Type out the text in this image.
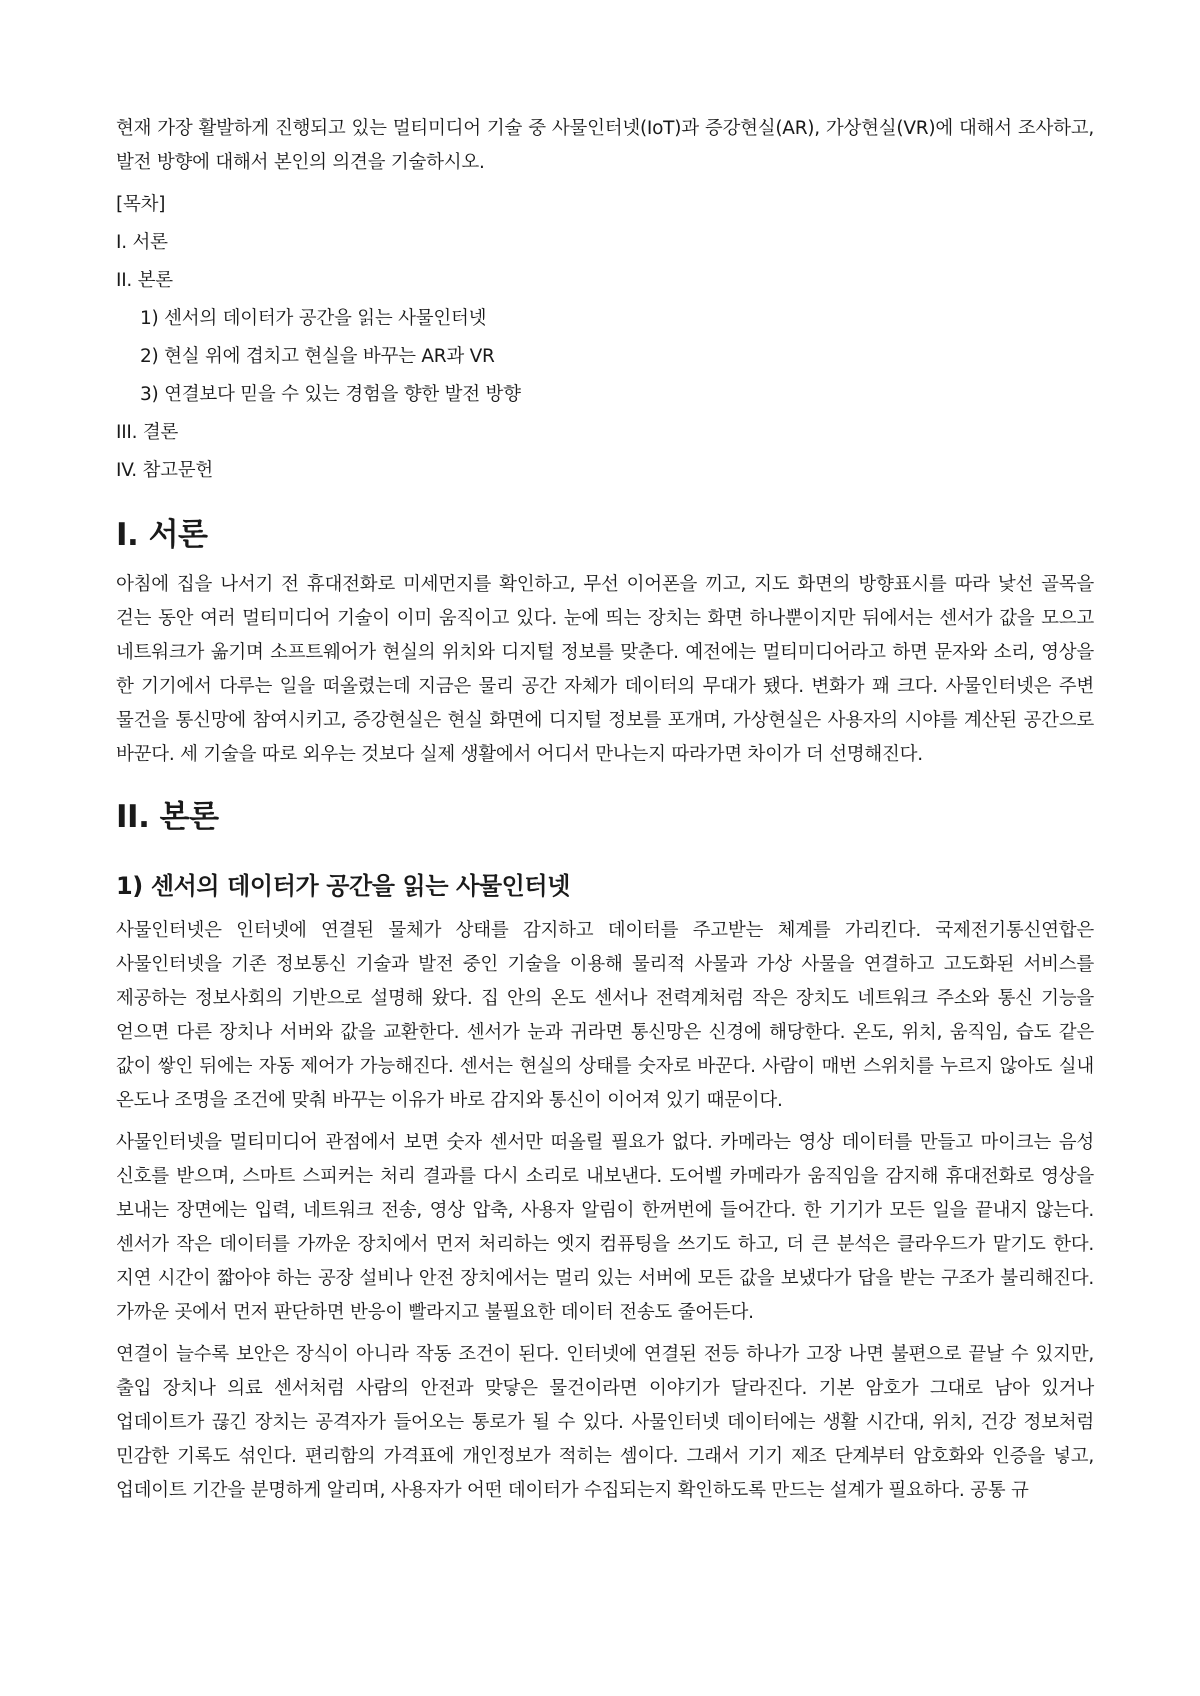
현재 가장 활발하게 진행되고 있는 멀티미디어 기술 중 사물인터넷(IoT)과 증강현실(AR), 가상현실(VR)에 대해서 조사하고, 발전 방향에 대해서 본인의 의견을 기술하시오.

[목차]
I. 서론
II. 본론
1) 센서의 데이터가 공간을 읽는 사물인터넷
2) 현실 위에 겹치고 현실을 바꾸는 AR과 VR
3) 연결보다 믿을 수 있는 경험을 향한 발전 방향
III. 결론
IV. 참고문헌
I. 서론

아침에 집을 나서기 전 휴대전화로 미세먼지를 확인하고, 무선 이어폰을 끼고, 지도 화면의 방향표시를 따라 낯선 골목을 걷는 동안 여러 멀티미디어 기술이 이미 움직이고 있다. 눈에 띄는 장치는 화면 하나뿐이지만 뒤에서는 센서가 값을 모으고 네트워크가 옮기며 소프트웨어가 현실의 위치와 디지털 정보를 맞춘다. 예전에는 멀티미디어라고 하면 문자와 소리, 영상을 한 기기에서 다루는 일을 떠올렸는데 지금은 물리 공간 자체가 데이터의 무대가 됐다. 변화가 꽤 크다. 사물인터넷은 주변 물건을 통신망에 참여시키고, 증강현실은 현실 화면에 디지털 정보를 포개며, 가상현실은 사용자의 시야를 계산된 공간으로 바꾼다. 세 기술을 따로 외우는 것보다 실제 생활에서 어디서 만나는지 따라가면 차이가 더 선명해진다.

II. 본론
1) 센서의 데이터가 공간을 읽는 사물인터넷

사물인터넷은 인터넷에 연결된 물체가 상태를 감지하고 데이터를 주고받는 체계를 가리킨다. 국제전기통신연합은 사물인터넷을 기존 정보통신 기술과 발전 중인 기술을 이용해 물리적 사물과 가상 사물을 연결하고 고도화된 서비스를 제공하는 정보사회의 기반으로 설명해 왔다. 집 안의 온도 센서나 전력계처럼 작은 장치도 네트워크 주소와 통신 기능을 얻으면 다른 장치나 서버와 값을 교환한다. 센서가 눈과 귀라면 통신망은 신경에 해당한다. 온도, 위치, 움직임, 습도 같은 값이 쌓인 뒤에는 자동 제어가 가능해진다. 센서는 현실의 상태를 숫자로 바꾼다. 사람이 매번 스위치를 누르지 않아도 실내 온도나 조명을 조건에 맞춰 바꾸는 이유가 바로 감지와 통신이 이어져 있기 때문이다.

사물인터넷을 멀티미디어 관점에서 보면 숫자 센서만 떠올릴 필요가 없다. 카메라는 영상 데이터를 만들고 마이크는 음성 신호를 받으며, 스마트 스피커는 처리 결과를 다시 소리로 내보낸다. 도어벨 카메라가 움직임을 감지해 휴대전화로 영상을 보내는 장면에는 입력, 네트워크 전송, 영상 압축, 사용자 알림이 한꺼번에 들어간다. 한 기기가 모든 일을 끝내지 않는다. 센서가 작은 데이터를 가까운 장치에서 먼저 처리하는 엣지 컴퓨팅을 쓰기도 하고, 더 큰 분석은 클라우드가 맡기도 한다. 지연 시간이 짧아야 하는 공장 설비나 안전 장치에서는 멀리 있는 서버에 모든 값을 보냈다가 답을 받는 구조가 불리해진다. 가까운 곳에서 먼저 판단하면 반응이 빨라지고 불필요한 데이터 전송도 줄어든다.

연결이 늘수록 보안은 장식이 아니라 작동 조건이 된다. 인터넷에 연결된 전등 하나가 고장 나면 불편으로 끝날 수 있지만, 출입 장치나 의료 센서처럼 사람의 안전과 맞닿은 물건이라면 이야기가 달라진다. 기본 암호가 그대로 남아 있거나 업데이트가 끊긴 장치는 공격자가 들어오는 통로가 될 수 있다. 사물인터넷 데이터에는 생활 시간대, 위치, 건강 정보처럼 민감한 기록도 섞인다. 편리함의 가격표에 개인정보가 적히는 셈이다. 그래서 기기 제조 단계부터 암호화와 인증을 넣고, 업데이트 기간을 분명하게 알리며, 사용자가 어떤 데이터가 수집되는지 확인하도록 만드는 설계가 필요하다. 공통 규
